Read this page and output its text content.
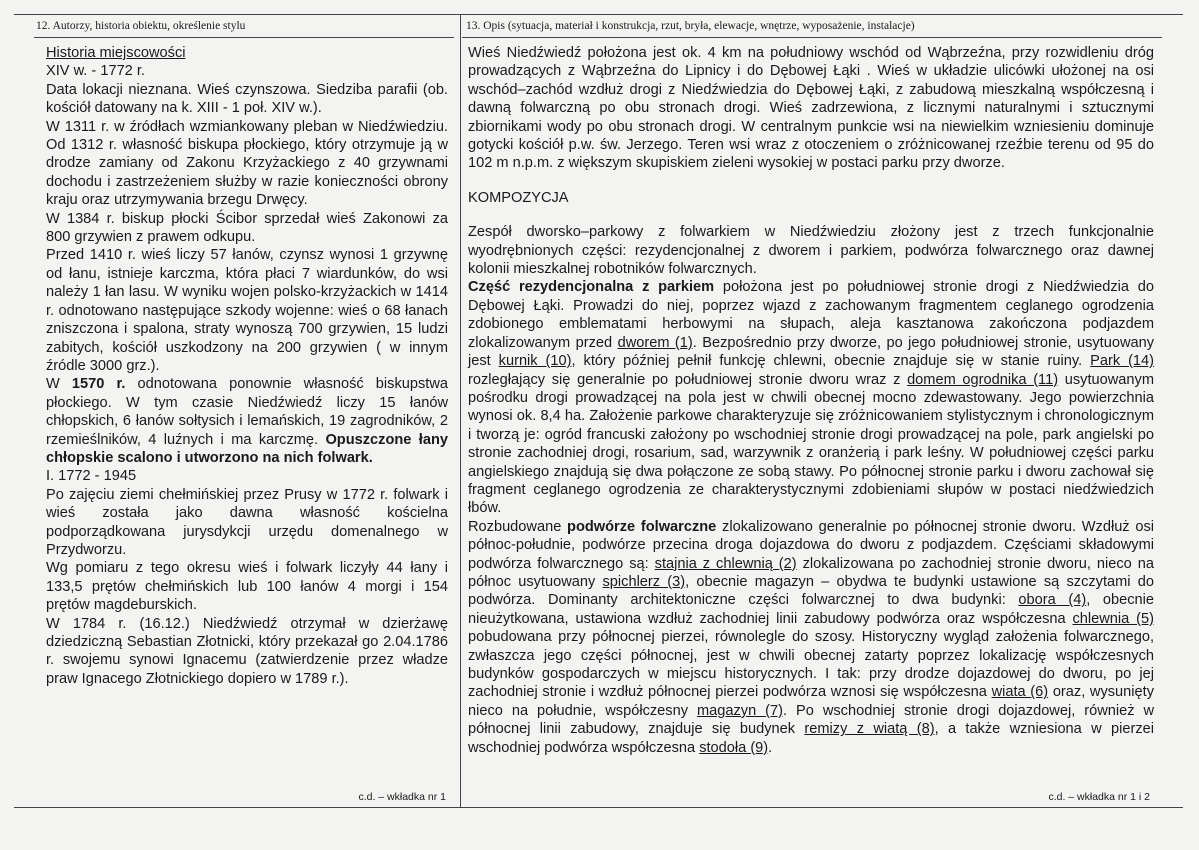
12. Autorzy, historia obiektu, określenie stylu

Historia miejscowości

XIV w. - 1772 r.

Data lokacji nieznana. Wieś czynszowa. Siedziba parafii (ob. kościół datowany na k. XIII - 1 poł. XIV w.).

W 1311 r. w źródłach wzmiankowany pleban w Niedźwiedziu. Od 1312 r. własność biskupa płockiego, który otrzymuje ją w drodze zamiany od Zakonu Krzyżackiego z 40 grzywnami dochodu i zastrzeżeniem służby w razie konieczności obrony kraju oraz utrzymywania brzegu Drwęcy.

W 1384 r. biskup płocki Ścibor sprzedał wieś Zakonowi za 800 grzywien z prawem odkupu.

Przed 1410 r. wieś liczy 57 łanów, czynsz wynosi 1 grzywnę od łanu, istnieje karczma, która płaci 7 wiardunków, do wsi należy 1 łan lasu. W wyniku wojen polsko-krzyżackich w 1414 r. odnotowano następujące szkody wojenne: wieś o 68 łanach zniszczona i spalona, straty wynoszą 700 grzywien, 15 ludzi zabitych, kościół uszkodzony na 200 grzywien ( w innym źródle 3000 grz.).

W 1570 r. odnotowana ponownie własność biskupstwa płockiego. W tym czasie Niedźwiedź liczy 15 łanów chłopskich, 6 łanów sołtysich i lemańskich, 19 zagrodników, 2 rzemieślników, 4 luźnych i ma karczmę. Opuszczone łany chłopskie scalono i utworzono na nich folwark.

I. 1772 - 1945

Po zajęciu ziemi chełmińskiej przez Prusy w 1772 r. folwark i wieś została jako dawna własność kościelna podporządkowana jurysdykcji urzędu domenalnego w Przydworzu.

Wg pomiaru z tego okresu wieś i folwark liczyły 44 łany i 133,5 prętów chełmińskich lub 100 łanów 4 morgi i 154 prętów magdeburskich.

W 1784 r. (16.12.) Niedźwiedź otrzymał w dzierżawę dziedziczną Sebastian Złotnicki, który przekazał go 2.04.1786 r. swojemu synowi Ignacemu (zatwierdzenie przez władze praw Ignacego Złotnickiego dopiero w 1789 r.).

c.d. – wkładka nr 1
13. Opis (sytuacja, materiał i konstrukcja, rzut, bryła, elewacje, wnętrze, wyposażenie, instalacje)

Wieś Niedźwiedź położona jest ok. 4 km na południowy wschód od Wąbrzeźna, przy rozwidleniu dróg prowadzących z Wąbrzeźna do Lipnicy i do Dębowej Łąki . Wieś w układzie ulicówki ułożonej na osi wschód–zachód wzdłuż drogi z Niedźwiedzia do Dębowej Łąki, z zabudową mieszkalną współczesną i dawną folwarczną po obu stronach drogi. Wieś zadrzewiona, z licznymi naturalnymi i sztucznymi zbiornikami wody po obu stronach drogi. W centralnym punkcie wsi na niewielkim wzniesieniu dominuje gotycki kościół p.w. św. Jerzego. Teren wsi wraz z otoczeniem o zróżnicowanej rzeźbie terenu od 95 do 102 m n.p.m. z większym skupiskiem zieleni wysokiej w postaci parku przy dworze.

KOMPOZYCJA

Zespół dworsko–parkowy z folwarkiem w Niedźwiedziu złożony jest z trzech funkcjonalnie wyodrębnionych części: rezydencjonalnej z dworem i parkiem, podwórza folwarcznego oraz dawnej kolonii mieszkalnej robotników folwarcznych.

Część rezydencjonalna z parkiem położona jest po południowej stronie drogi z Niedźwiedzia do Dębowej Łąki. Prowadzi do niej, poprzez wjazd z zachowanym fragmentem ceglanego ogrodzenia zdobionego emblematami herbowymi na słupach, aleja kasztanowa zakończona podjazdem zlokalizowanym przed dworem (1). Bezpośrednio przy dworze, po jego południowej stronie, usytuowany jest kurnik (10), który później pełnił funkcję chlewni, obecnie znajduje się w stanie ruiny. Park (14) rozległający się generalnie po południowej stronie dworu wraz z domem ogrodnika (11) usytuowanym pośrodku drogi prowadzącej na pola jest w chwili obecnej mocno zdewastowany. Jego powierzchnia wynosi ok. 8,4 ha. Założenie parkowe charakteryzuje się zróżnicowaniem stylistycznym i chronologicznym i tworzą je: ogród francuski założony po wschodniej stronie drogi prowadzącej na pole, park angielski po stronie zachodniej drogi, rosarium, sad, warzywnik z oranżerią i park leśny. W południowej części parku angielskiego znajdują się dwa połączone ze sobą stawy. Po północnej stronie parku i dworu zachował się fragment ceglanego ogrodzenia ze charakterystycznymi zdobieniami słupów w postaci niedźwiedzich łbów.

Rozbudowane podwórze folwarczne zlokalizowano generalnie po północnej stronie dworu. Wzdłuż osi północ-południe, podwórze przecina droga dojazdowa do dworu z podjazdem. Częściami składowymi podwórza folwarcznego są: stajnia z chlewnią (2) zlokalizowana po zachodniej stronie dworu, nieco na północ usytuowany spichlerz (3), obecnie magazyn – obydwa te budynki ustawione są szczytami do podwórza. Dominanty architektoniczne części folwarcznej to dwa budynki: obora (4), obecnie nieużytkowana, ustawiona wzdłuż zachodniej linii zabudowy podwórza oraz współczesna chlewnia (5) pobudowana przy północnej pierzei, równolegle do szosy. Historyczny wygląd założenia folwarcznego, zwłaszcza jego części północnej, jest w chwili obecnej zatarty poprzez lokalizację współczesnych budynków gospodarczych w miejscu historycznych. I tak: przy drodze dojazdowej do dworu, po jej zachodniej stronie i wzdłuż północnej pierzei podwórza wznosi się współczesna wiata (6) oraz, wysunięty nieco na południe, współczesny magazyn (7). Po wschodniej stronie drogi dojazdowej, również w północnej linii zabudowy, znajduje się budynek remizy z wiatą (8), a także wzniesiona w pierzei wschodniej podwórza współczesna stodoła (9).

c.d. – wkładka nr 1 i 2
